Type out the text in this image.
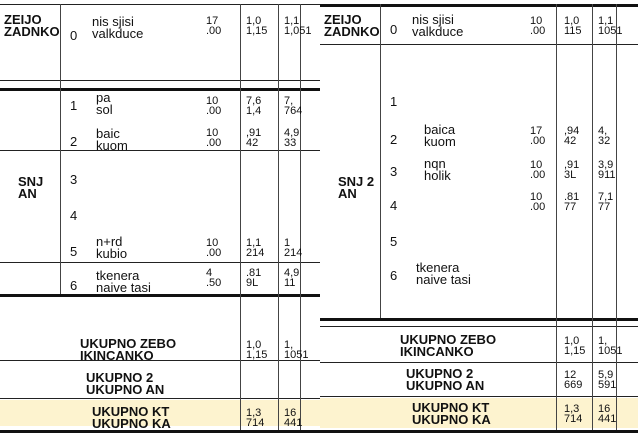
ZEIJO
ZADNKO 0
nis sjisi
valkduce
17
.00
1,0
1,15
1,1
1,051
SNJ
AN
1
pa
sol
10
.00
7,6
1,4
7,
764
2
baic
kuom
10
.00
,91
42
4,9
33
3
4
5
n+rd
kubio
10
.00
1,1
214
1
214
6
tkenera
naive tasi
4
.50
.81
9L
4,9
11
UKUPNO ZEBO
IKINCANKO
1,0
1,15
1,
1051
UKUPNO 2
UKUPNO AN
UKUPNO KT
UKUPNO KA
1,3
714
16
441
ZEIJO
ZADNKO 0
nis sjisi
valkduce
10
.00
1,0
115
1,1
1051
SNJ 2
AN
1
2
baica
kuom
17
.00
,94
42
4,
32
3
nqn
holik
10
.00
,91
3L
3,9
911
4
10
.00
.81
77
7,1
77
5
6
tkenera
naive tasi
UKUPNO ZEBO
IKINCANKO
1,0
1,15
1,
1051
UKUPNO 2
UKUPNO AN
12
669
5,9
591
UKUPNO KT
UKUPNO KA
1,3
714
16
441
